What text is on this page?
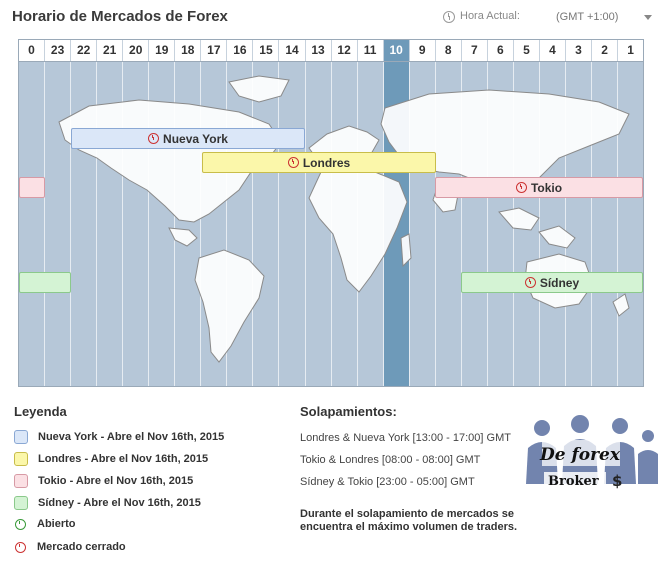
Horario de Mercados de Forex	Hora Actual:	(GMT +1:00)
0	23	22	21	20	19	18	17	16	15	14	13	12	11	10	9	8	7	6	5	4	3	2	1
Nueva York
Londres
Tokio
Sídney
Leyenda
Nueva York - Abre el Nov 16th, 2015
Londres - Abre el Nov 16th, 2015
Tokio - Abre el Nov 16th, 2015
Sídney - Abre el Nov 16th, 2015
Abierto
Mercado cerrado
Solapamientos:
Londres & Nueva York [13:00 - 17:00] GMT
Tokio & Londres [08:00 - 08:00] GMT
Sídney & Tokio [23:00 - 05:00] GMT
Durante el solapamiento de mercados se encuentra el máximo volumen de traders.
De forex
Broker $
